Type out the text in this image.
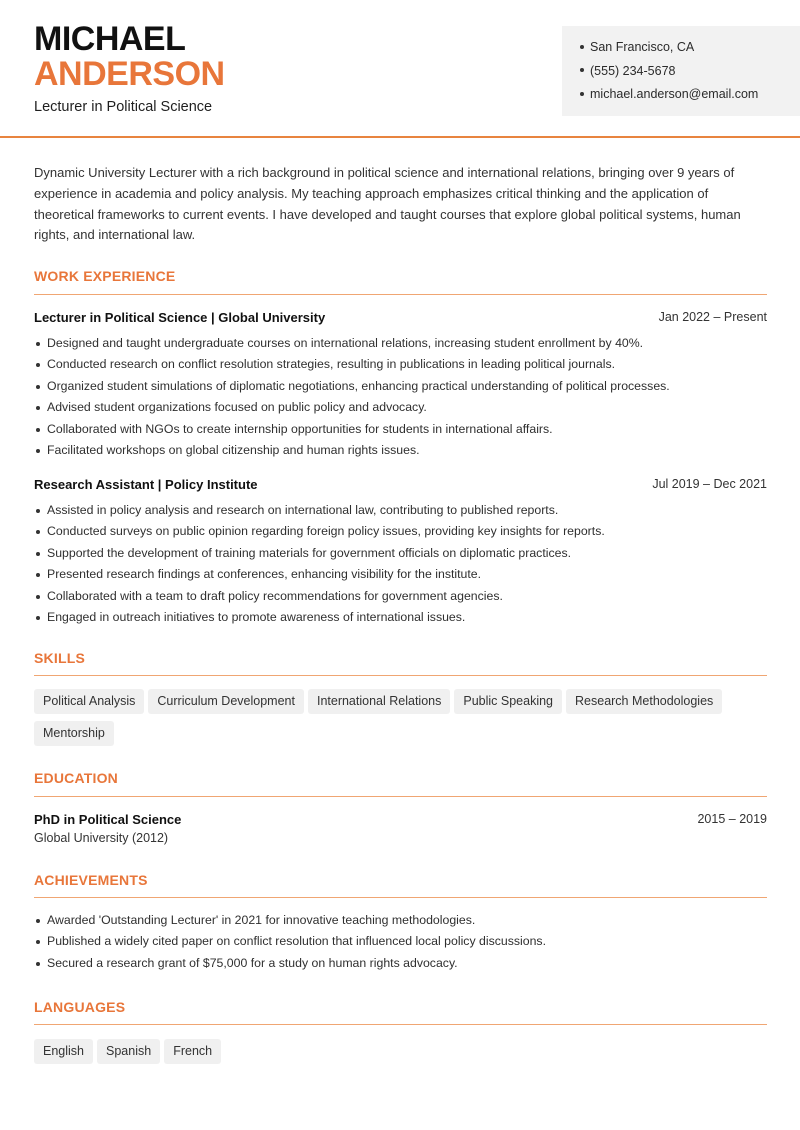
MICHAEL
ANDERSON
Lecturer in Political Science
San Francisco, CA
(555) 234-5678
michael.anderson@email.com
Dynamic University Lecturer with a rich background in political science and international relations, bringing over 9 years of experience in academia and policy analysis. My teaching approach emphasizes critical thinking and the application of theoretical frameworks to current events. I have developed and taught courses that explore global political systems, human rights, and international law.
WORK EXPERIENCE
Lecturer in Political Science | Global University	Jan 2022 – Present
Designed and taught undergraduate courses on international relations, increasing student enrollment by 40%.
Conducted research on conflict resolution strategies, resulting in publications in leading political journals.
Organized student simulations of diplomatic negotiations, enhancing practical understanding of political processes.
Advised student organizations focused on public policy and advocacy.
Collaborated with NGOs to create internship opportunities for students in international affairs.
Facilitated workshops on global citizenship and human rights issues.
Research Assistant | Policy Institute	Jul 2019 – Dec 2021
Assisted in policy analysis and research on international law, contributing to published reports.
Conducted surveys on public opinion regarding foreign policy issues, providing key insights for reports.
Supported the development of training materials for government officials on diplomatic practices.
Presented research findings at conferences, enhancing visibility for the institute.
Collaborated with a team to draft policy recommendations for government agencies.
Engaged in outreach initiatives to promote awareness of international issues.
SKILLS
Political Analysis Curriculum Development International Relations Public Speaking Research MethodologiesMentorship
EDUCATION
PhD in Political Science	2015 – 2019
Global University (2012)
ACHIEVEMENTS
Awarded 'Outstanding Lecturer' in 2021 for innovative teaching methodologies.
Published a widely cited paper on conflict resolution that influenced local policy discussions.
Secured a research grant of $75,000 for a study on human rights advocacy.
LANGUAGES
English Spanish French
